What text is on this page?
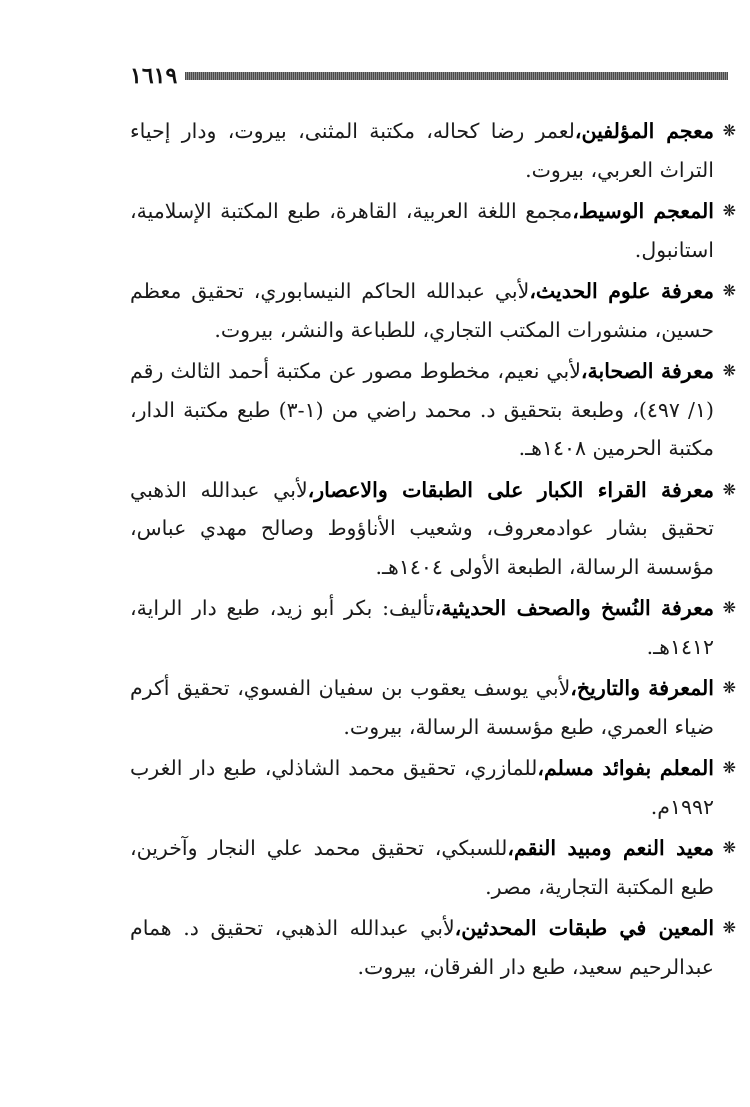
١٦١٩

❋
معجم المؤلفين،لعمر رضا كحاله، مكتبة المثنى، بيروت، ودار إحياء التراث العربي، بيروت.

❋
المعجم الوسيط،مجمع اللغة العربية، القاهرة، طبع المكتبة الإسلامية، استانبول.

❋
معرفة علوم الحديث،لأبي عبدالله الحاكم النيسابوري، تحقيق معظم حسين، منشورات المكتب التجاري، للطباعة والنشر، بيروت.

❋
معرفة الصحابة،لأبي نعيم، مخطوط مصور عن مكتبة أحمد الثالث رقم (١/ ٤٩٧)، وطبعة بتحقيق د. محمد راضي من (١-٣) طبع مكتبة الدار، مكتبة الحرمين ١٤٠٨هـ.

❋
معرفة القراء الكبار على الطبقات والاعصار،لأبي عبدالله الذهبي تحقيق بشار عوادمعروف، وشعيب الأناؤوط وصالح مهدي عباس، مؤسسة الرسالة، الطبعة الأولى ١٤٠٤هـ.

❋
معرفة النُسخ والصحف الحديثية،تأليف: بكر أبو زيد، طبع دار الراية، ١٤١٢هـ.

❋
المعرفة والتاريخ،لأبي يوسف يعقوب بن سفيان الفسوي، تحقيق أكرم ضياء العمري، طبع مؤسسة الرسالة، بيروت.

❋
المعلم بفوائد مسلم،للمازري، تحقيق محمد الشاذلي، طبع دار الغرب ١٩٩٢م.

❋
معيد النعم ومبيد النقم،للسبكي، تحقيق محمد علي النجار وآخرين، طبع المكتبة التجارية، مصر.

❋
المعين في طبقات المحدثين،لأبي عبدالله الذهبي، تحقيق د. همام عبدالرحيم سعيد، طبع دار الفرقان، بيروت.
